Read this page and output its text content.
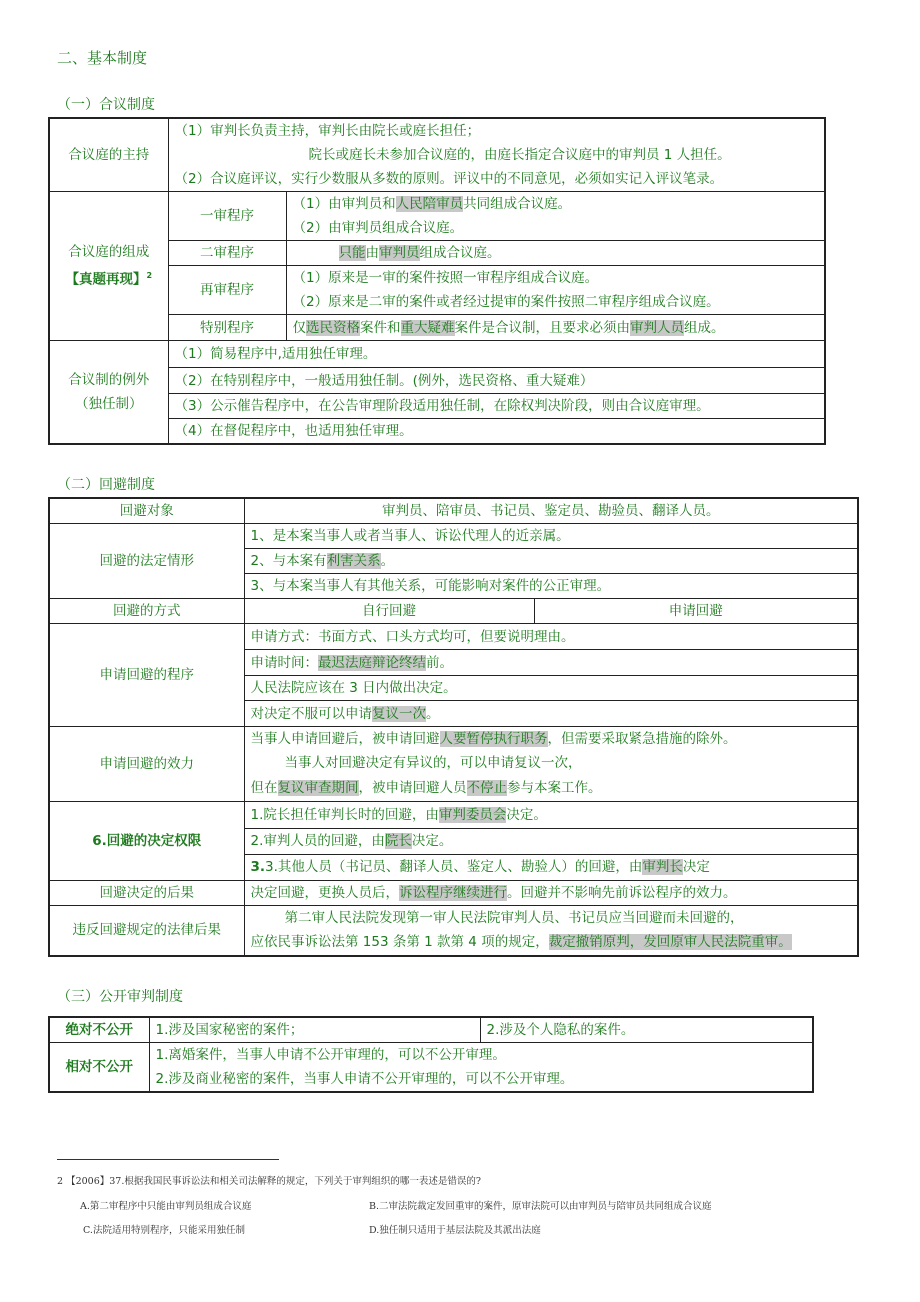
二、基本制度
（一）合议制度
合议庭的主持	（1）审判长负责主持，审判长由院长或庭长担任；	
	院长或庭长未参加合议庭的，由庭长指定合议庭中的审判员 1 人担任。	
	（2）合议庭评议，实行少数服从多数的原则。评议中的不同意见，必须如实记入评议笔录。	

合议庭的组成
【真题再现】$^2$	一审程序	（1）由审判员和人民陪审员共同组成合议庭。
		（2）由审判员组成合议庭。
	二审程序	只能由审判员组成合议庭。
	再审程序	（1）原来是一审的案件按照一审程序组成合议庭。
		（2）原来是二审的案件或者经过提审的案件按照二审程序组成合议庭。
	特别程序	仅选民资格案件和重大疑难案件是合议制，且要求必须由审判人员组成。

合议制的例外
（独任制）	（1）简易程序中,适用独任审理。	
	（2）在特别程序中，一般适用独任制。(例外，选民资格、重大疑难）	
	（3）公示催告程序中，在公告审理阶段适用独任制，在除权判决阶段，则由合议庭审理。	
	（4）在督促程序中，也适用独任审理。	
（二）回避制度
回避对象	审判员、陪审员、书记员、鉴定员、勘验员、翻译人员。	
回避的法定情形	1、是本案当事人或者当事人、诉讼代理人的近亲属。	
	2、与本案有利害关系。	
	3、与本案当事人有其他关系，可能影响对案件的公正审理。	
回避的方式	自行回避	申请回避
申请回避的程序	申请方式：书面方式、口头方式均可，但要说明理由。	
	申请时间：最迟法庭辩论终结前。	
	人民法院应该在 3 日内做出决定。	
	对决定不服可以申请复议一次。	
申请回避的效力	当事人申请回避后，被申请回避人要暂停执行职务，但需要采取紧急措施的除外。	
	当事人对回避决定有异议的，可以申请复议一次，	
	但在复议审查期间，被申请回避人员不停止参与本案工作。	
6.回避的决定权限	1.院长担任审判长时的回避，由审判委员会决定。	
	2.审判人员的回避，由院长决定。	
	3.3.其他人员（书记员、翻译人员、鉴定人、勘验人）的回避，由审判长决定	
回避决定的后果	决定回避，更换人员后，诉讼程序继续进行。回避并不影响先前诉讼程序的效力。	
违反回避规定的法律后果	第二审人民法院发现第一审人民法院审判人员、书记员应当回避而未回避的，	
	应依民事诉讼法第 153 条第 1 款第 4 项的规定，裁定撤销原判，发回原审人民法院重审。	
（三）公开审判制度
绝对不公开	1.涉及国家秘密的案件；	2.涉及个人隐私的案件。
相对不公开	1.离婚案件，当事人申请不公开审理的，可以不公开审理。	
	2.涉及商业秘密的案件，当事人申请不公开审理的，可以不公开审理。	
2 【2006】37.根据我国民事诉讼法和相关司法解释的规定，下列关于审判组织的哪一表述是错误的?
A.第二审程序中只能由审判员组成合议庭	B.二审法院裁定发回重审的案件，原审法院可以由审判员与陪审员共同组成合议庭
C.法院适用特别程序，只能采用独任制	D.独任制只适用于基层法院及其派出法庭
